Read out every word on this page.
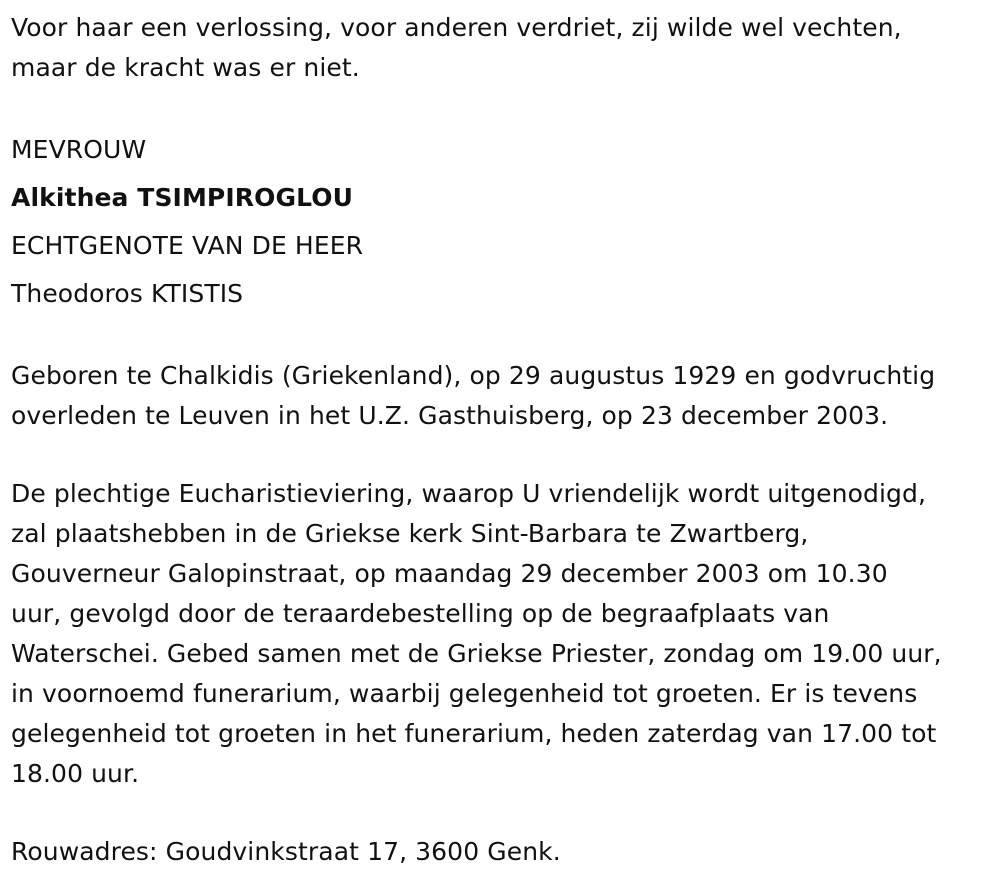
Voor haar een verlossing, voor anderen verdriet, zij wilde wel vechten,

maar de kracht was er niet.

MEVROUW

Alkithea TSIMPIROGLOU

ECHTGENOTE VAN DE HEER

Theodoros KTISTIS

Geboren te Chalkidis (Griekenland), op 29 augustus 1929 en godvruchtig

overleden te Leuven in het U.Z. Gasthuisberg, op 23 december 2003.

De plechtige Eucharistieviering, waarop U vriendelijk wordt uitgenodigd,

zal plaatshebben in de Griekse kerk Sint-Barbara te Zwartberg,

Gouverneur Galopinstraat, op maandag 29 december 2003 om 10.30

uur, gevolgd door de teraardebestelling op de begraafplaats van

Waterschei. Gebed samen met de Griekse Priester, zondag om 19.00 uur,

in voornoemd funerarium, waarbij gelegenheid tot groeten. Er is tevens

gelegenheid tot groeten in het funerarium, heden zaterdag van 17.00 tot

18.00 uur.

Rouwadres: Goudvinkstraat 17, 3600 Genk.
